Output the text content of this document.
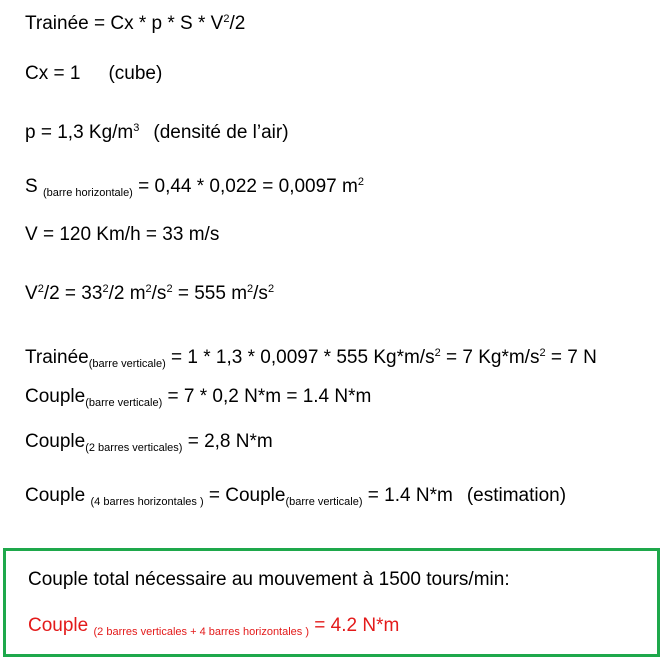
Trainée = Cx * p * S * $V^2/2$
Cx = 1 (cube)
p = 1,3 $Kg/m^3$ (densité de l’air)
S $_{(barre horizontale)}$ = 0,44 * 0,022 = 0,0097 $m^2$
V = 120 Km/h = 33 m/s
$V^2/2 = 33^2/2$ $m^2/s^2 = 555$ $m^2/s^2$
Trainée$_{(barre verticale)}$ = 1 * 1,3 * 0,0097 * 555 $Kg*m/s^2 = 7$ $Kg*m/s^2 = 7$ N
Couple$_{(barre verticale)}$ = 7 * 0,2 N*m = 1.4 N*m
Couple$_{(2 barres verticales)}$ = 2,8 N*m
Couple $_{(4 barres horizontales )}$ = Couple$_{(barre verticale)}$ = 1.4 N*m (estimation)
Couple total nécessaire au mouvement à 1500 tours/min:
Couple $_{(2 barres verticales + 4 barres horizontales )}$ = 4.2 N*m
